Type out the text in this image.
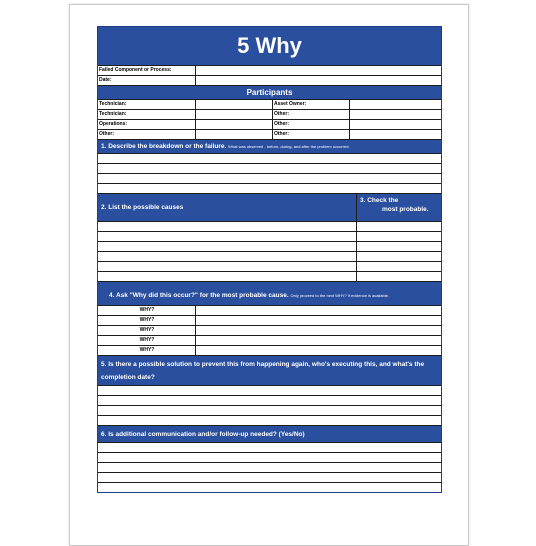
5 Why
Failed Component or Process:
Date:
Participants
Technician:	Asset Owner:
Technician:	Other:
Operations:	Other:
Other:	Other:
1. Describe the breakdown or the failure. What was observed - before, during, and after the problem occurred.
2. List the possible causes
3. Check the
most probable.
4. Ask "Why did this occur?" for the most probable cause. Only proceed to the next WHY? if evidence is available.
WHY?
WHY?
WHY?
WHY?
WHY?
5. Is there a possible solution to prevent this from happening again, who's executing this, and what's the
completion date?
6. Is additional communication and/or follow-up needed? (Yes/No)
